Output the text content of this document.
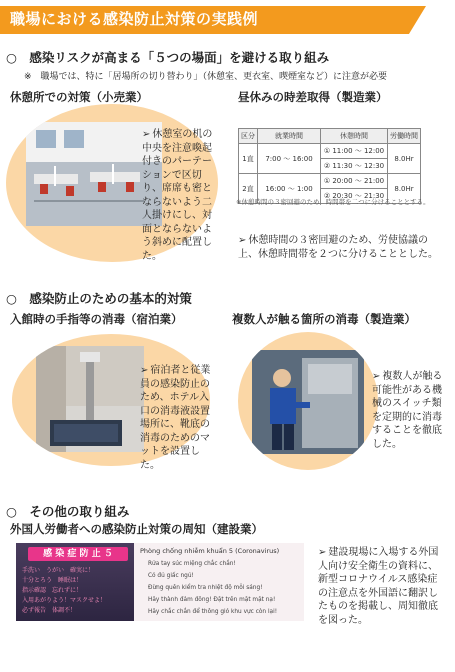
職場における感染防止対策の実践例
○　感染リスクが高まる「５つの場面」を避ける取り組み
※　職場では、特に「居場所の切り替わり」（休憩室、更衣室、喫煙室など）に注意が必要
休憩所での対策（小売業）	昼休みの時差取得（製造業）
➢ 休憩室の机の中央を注意喚起付きのパーテーションで区切り、席席も密とならないよう二人掛けにし、対面とならないよう斜めに配置した。
区分	就業時間	休憩時間	労働時間
1直	7:00 〜 16:00	① 11:00 〜 12:00	8.0Hr
		② 11:30 〜 12:30	
2直	16:00 〜 1:00	① 20:00 〜 21:00	8.0Hr
		② 20:30 〜 21:30	
※休憩時間の３密回避のため、時間帯を二つに分けることとする。
➢ 休憩時間の３密回避のため、労使協議の上、休憩時間帯を２つに分けることとした。
○　感染防止のための基本的対策
入館時の手指等の消毒（宿泊業）	複数人が触る箇所の消毒（製造業）
➢ 宿泊者と従業員の感染防止のため、ホテル入口の消毒液設置場所に、靴底の消毒のためのマットを設置した。
➢ 複数人が触る可能性がある機械のスイッチ類を定期的に消毒することを徹底した。
○　その他の取り組み
外国人労働者への感染防止対策の周知（建設業）
感 染 症 防 止 ５
手洗い　うがい　確実に！
十分とろう　睡眠は！
指示確認　忘れずに！
入用あがりよう！マスクせよ！
必ず報告　体調不！
Phòng chống nhiễm khuẩn 5 (Coronavirus)
Rửa tay súc miệng chắc chắn!
Có đủ giấc ngủ!
Đừng quên kiểm tra nhiệt độ mỗi sáng!
Hãy thành đảm đông! Đặt trên mặt mặt nạ!
Hãy chắc chắn để thông gió khu vực còn lại!
➢ 建設現場に入場する外国人向け安全衛生の資料に、新型コロナウイルス感染症の注意点を外国語に翻訳したものを掲載し、周知徹底を図った。
